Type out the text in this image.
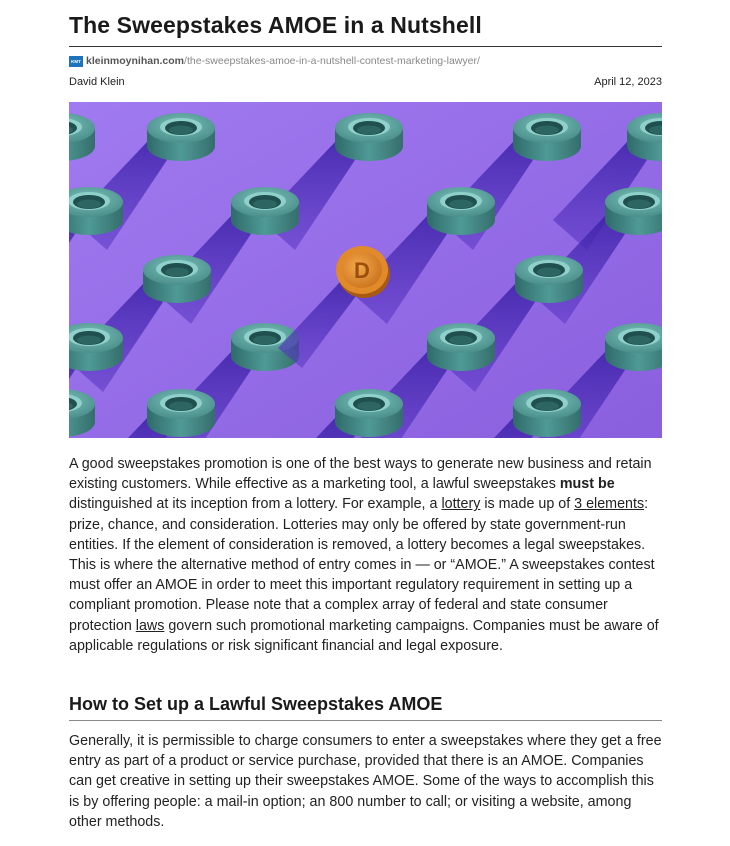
The Sweepstakes AMOE in a Nutshell
KMT kleinmoynihan.com /the-sweepstakes-amoe-in-a-nutshell-contest-marketing-lawyer/
David Klein	April 12, 2023
D

A good sweepstakes promotion is one of the best ways to generate new business and retain existing customers. While effective as a marketing tool, a lawful sweepstakes must be distinguished at its inception from a lottery. For example, a lottery is made up of 3 elements: prize, chance, and consideration. Lotteries may only be offered by state government-run entities. If the element of consideration is removed, a lottery becomes a legal sweepstakes. This is where the alternative method of entry comes in — or “AMOE.” A sweepstakes contest must offer an AMOE in order to meet this important regulatory requirement in setting up a compliant promotion. Please note that a complex array of federal and state consumer protection laws govern such promotional marketing campaigns. Companies must be aware of applicable regulations or risk significant financial and legal exposure.

How to Set up a Lawful Sweepstakes AMOE

Generally, it is permissible to charge consumers to enter a sweepstakes where they get a free entry as part of a product or service purchase, provided that there is an AMOE. Companies can get creative in setting up their sweepstakes AMOE. Some of the ways to accomplish this is by offering people: a mail-in option; an 800 number to call; or visiting a website, among other methods.
